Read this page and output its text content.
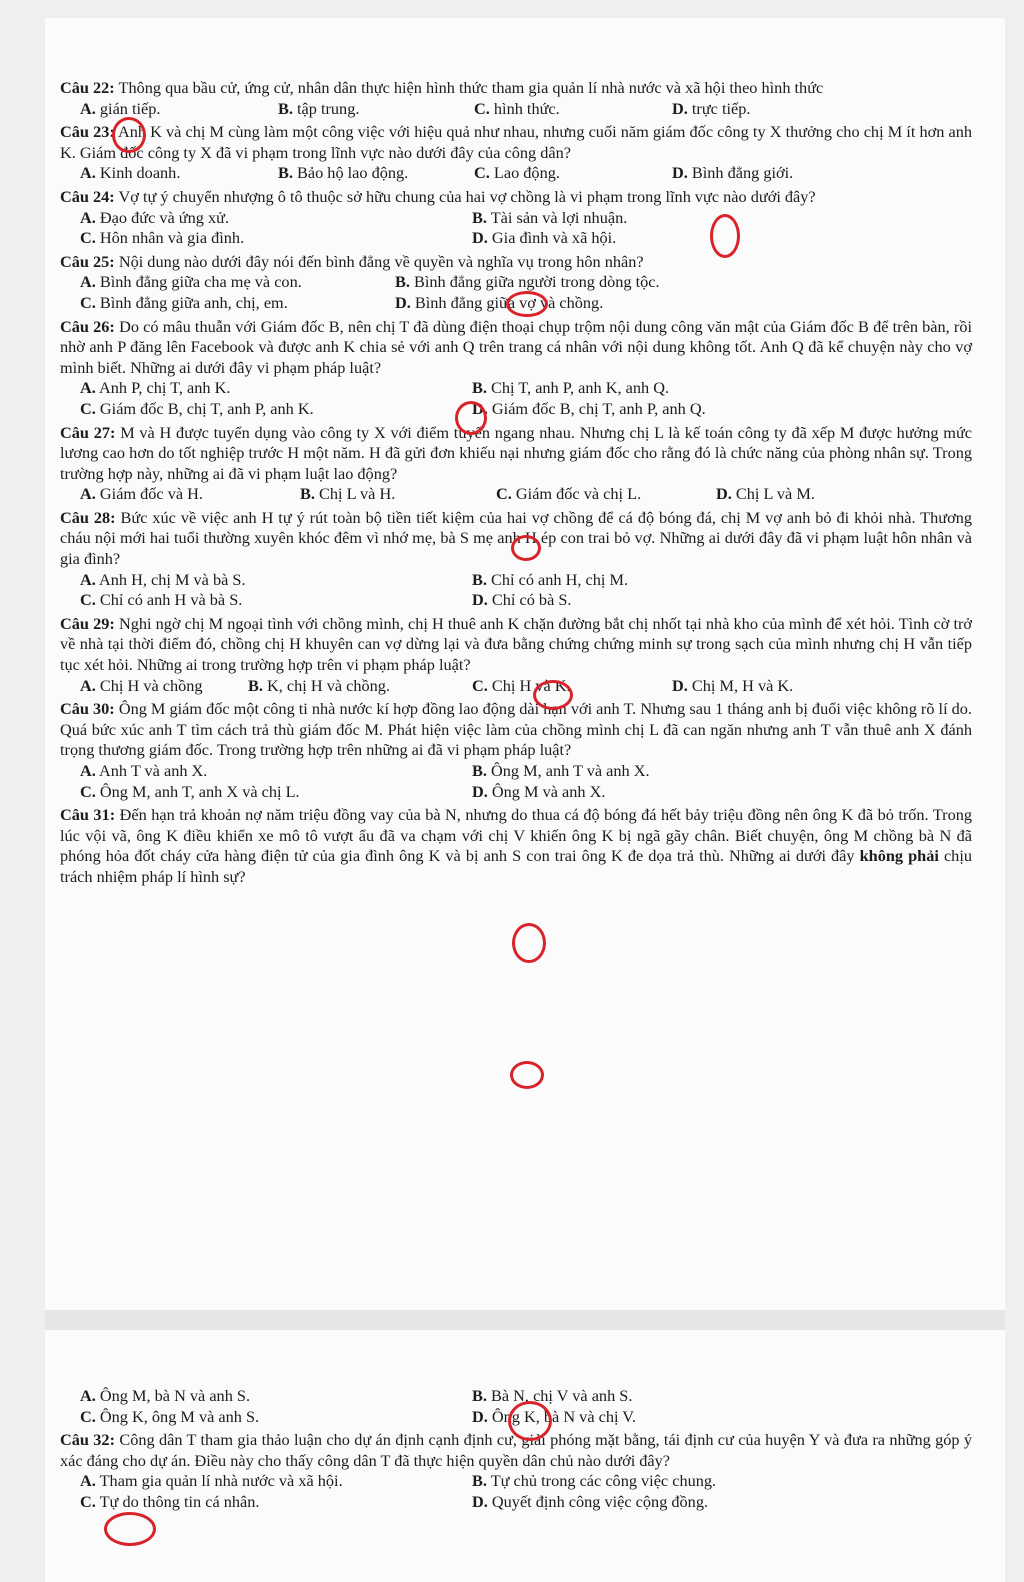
Câu 22: Thông qua bầu cử, ứng cử, nhân dân thực hiện hình thức tham gia quản lí nhà nước và xã hội theo hình thức

A. gián tiếp.	B. tập trung.	C. hình thức.	D. trực tiếp.

Câu 23: Anh K và chị M cùng làm một công việc với hiệu quả như nhau, nhưng cuối năm giám đốc công ty X thưởng cho chị M ít hơn anh K. Giám đốc công ty X đã vi phạm trong lĩnh vực nào dưới đây của công dân?

A. Kinh doanh.	B. Bảo hộ lao động.	C. Lao động.	D. Bình đẳng giới.

Câu 24: Vợ tự ý chuyển nhượng ô tô thuộc sở hữu chung của hai vợ chồng là vi phạm trong lĩnh vực nào dưới đây?

A. Đạo đức và ứng xử.	B. Tài sản và lợi nhuận.
C. Hôn nhân và gia đình.	D. Gia đình và xã hội.

Câu 25: Nội dung nào dưới đây nói đến bình đẳng về quyền và nghĩa vụ trong hôn nhân?

A. Bình đẳng giữa cha mẹ và con.	B. Bình đẳng giữa người trong dòng tộc.
C. Bình đẳng giữa anh, chị, em.	D. Bình đẳng giữa vợ và chồng.

Câu 26: Do có mâu thuẫn với Giám đốc B, nên chị T đã dùng điện thoại chụp trộm nội dung công văn mật của Giám đốc B để trên bàn, rồi nhờ anh P đăng lên Facebook và được anh K chia sẻ với anh Q trên trang cá nhân với nội dung không tốt. Anh Q đã kể chuyện này cho vợ mình biết. Những ai dưới đây vi phạm pháp luật?

A. Anh P, chị T, anh K.	B. Chị T, anh P, anh K, anh Q.
C. Giám đốc B, chị T, anh P, anh K.	D. Giám đốc B, chị T, anh P, anh Q.

Câu 27: M và H được tuyển dụng vào công ty X với điểm tuyển ngang nhau. Nhưng chị L là kế toán công ty đã xếp M được hưởng mức lương cao hơn do tốt nghiệp trước H một năm. H đã gửi đơn khiếu nại nhưng giám đốc cho rằng đó là chức năng của phòng nhân sự. Trong trường hợp này, những ai đã vi phạm luật lao động?

A. Giám đốc và H.	B. Chị L và H.	C. Giám đốc và chị L.	D. Chị L và M.

Câu 28: Bức xúc về việc anh H tự ý rút toàn bộ tiền tiết kiệm của hai vợ chồng để cá độ bóng đá, chị M vợ anh bỏ đi khỏi nhà. Thương cháu nội mới hai tuổi thường xuyên khóc đêm vì nhớ mẹ, bà S mẹ anh H ép con trai bỏ vợ. Những ai dưới đây đã vi phạm luật hôn nhân và gia đình?

A. Anh H, chị M và bà S.	B. Chỉ có anh H, chị M.
C. Chỉ có anh H và bà S.	D. Chỉ có bà S.

Câu 29: Nghi ngờ chị M ngoại tình với chồng mình, chị H thuê anh K chặn đường bắt chị nhốt tại nhà kho của mình để xét hỏi. Tình cờ trở về nhà tại thời điểm đó, chồng chị H khuyên can vợ dừng lại và đưa bằng chứng chứng minh sự trong sạch của mình nhưng chị H vẫn tiếp tục xét hỏi. Những ai trong trường hợp trên vi phạm pháp luật?

A. Chị H và chồng	B. K, chị H và chồng.	C. Chị H và K.	D. Chị M, H và K.

Câu 30: Ông M giám đốc một công ti nhà nước kí hợp đồng lao động dài hạn với anh T. Nhưng sau 1 tháng anh bị đuổi việc không rõ lí do. Quá bức xúc anh T tìm cách trả thù giám đốc M. Phát hiện việc làm của chồng mình chị L đã can ngăn nhưng anh T vẫn thuê anh X đánh trọng thương giám đốc. Trong trường hợp trên những ai đã vi phạm pháp luật?

A. Anh T và anh X.	B. Ông M, anh T và anh X.
C. Ông M, anh T, anh X và chị L.	D. Ông M và anh X.

Câu 31: Đến hạn trả khoản nợ năm triệu đồng vay của bà N, nhưng do thua cá độ bóng đá hết bảy triệu đồng nên ông K đã bỏ trốn. Trong lúc vội vã, ông K điều khiển xe mô tô vượt ẩu đã va chạm với chị V khiến ông K bị ngã gãy chân. Biết chuyện, ông M chồng bà N đã phóng hỏa đốt cháy cửa hàng điện tử của gia đình ông K và bị anh S con trai ông K đe dọa trả thù. Những ai dưới đây không phải chịu trách nhiệm pháp lí hình sự?

A. Ông M, bà N và anh S.	B. Bà N, chị V và anh S.
C. Ông K, ông M và anh S.	D. Ông K, bà N và chị V.

Câu 32: Công dân T tham gia thảo luận cho dự án định cạnh định cư, giải phóng mặt bằng, tái định cư của huyện Y và đưa ra những góp ý xác đáng cho dự án. Điều này cho thấy công dân T đã thực hiện quyền dân chủ nào dưới đây?

A. Tham gia quản lí nhà nước và xã hội.	B. Tự chủ trong các công việc chung.
C. Tự do thông tin cá nhân.	D. Quyết định công việc cộng đồng.
